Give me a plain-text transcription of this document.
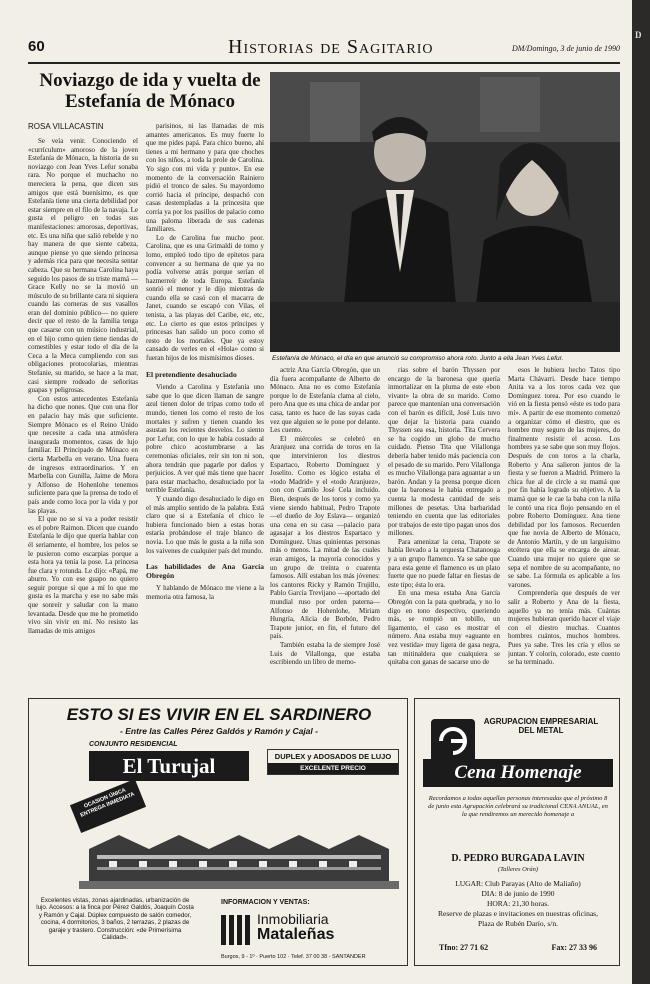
D
60	Historias de Sagitario	DM/Domingo, 3 de junio de 1990
Noviazgo de ida y vuelta de Estefanía de Mónaco
ROSA VILLACASTIN

Se veía venir. Conociendo el «currículum» amoroso de la joven Estefanía de Mónaco, la historia de su noviazgo con Jean Yves Lefur sonaba rara. No porque el muchacho no mereciera la pena, que dicen sus amigos que está buenísimo, es que Estefanía tiene una cierta debilidad por estar siempre en el filo de la navaja. Le gusta el peligro en todas sus manifestaciones: amorosas, deportivas, etc. Es una niña que salió rebelde y no hay manera de que siente cabeza, aunque piense yo que siendo princesa y además rica para que necesita sentar cabeza. Que su hermana Carolina haya seguido los pasos de su triste mamá —Grace Kelly no se la movió un músculo de su brillante cara ni siquiera cuando las corneras de sus vasallos eran del dominio público— no quiere decir que el resto de la familia tenga que casarse con un músico industrial, en el hijo como quien tiene tiendas de comestibles y estar todo el día de la Ceca a la Meca cumpliendo con sus obligaciones protocolarias, mientras Stefanie, su marido, se hace a la mar, casi siempre rodeado de señoritas guapas y peligrosas.

Con estos antecedentes Estefanía ha dicho que nones. Que con una flor en palacio hay más que suficiente. Siempre Mónaco es el Reino Unido que necesite a cada una atmósfera inaugurada momentos, casas de lujo familiar. El Principado de Mónaco en cierta Marbella en verano. Una fuera de ingresos extraordinarios. Y en Marbella con Gunilla, Jaime de Mora y Alfonso de Hohenlohe tenemos suficiente para que la prensa de todo el país ande como loca por la vida y por las playas.

El que no se si va a poder resistir es el pobre Raimon. Dicen que cuando Estefanía le dijo que quería hablar con él seriamente, el hombre, los pelos se le pusieron como escarpias porque a esta hora ya tenía la pose. La princesa fue clara y rotunda. Le dijo: «Papá, me aburro. Yo con ese guapo no quiero seguir porque sí que a mí lo que me gusta es la marcha y ese no sabe más que sonreír y saludar con la mano levantada. Desde que me he prometido vivo sin vivir en mí. No resisto las llamadas de mis amigos

parisinos, ni las llamadas de mis amantes americanos. Es muy fuerte lo que me pides papá. Para chico bueno, ahí tienes a mi hermano y para que choches con los niños, a toda la prole de Carolina. Yo sigo con mi vida y punto». En ese momento de la conversación Rainiero pidió el tronco de sales. Su mayordomo corrió hacia el príncipe, despachó con casas destempladas a la princesita que corría ya por los pasillos de palacio como una paloma liberada de sus cadenas familiares.

Lo de Carolina fue mucho peor. Carolina, que es una Grimaldi de tomo y lomo, empleó todo tipo de epítetos para convencer a su hermana de que ya no podía volverse atrás porque serían el hazmerreír de toda Europa. Estefanía sonrió el menor y le dijo mientras de cuando ella se casó con el macarra de Janet, cuando se escapó con Vilas, el tenista, a las playas del Caribe, etc, etc, etc. Lo cierto es que estos príncipes y princesas han salido un poco como el resto de los mortales. Que ya estoy cansado de verles en el «Hola» como si fueran hijos de los mismísimos dioses.

El pretendiente desahuciado

Viendo a Carolina y Estefanía uno sabe que lo que dicen llaman de sangre azul tienen dolor de tripas como todo el mundo, tienen los como el resto de los mortales y sufren y tienen cuando les asustan los recientes desvelos. Lo siento por Lefur, con lo que le había costado al pobre chico acostumbrarse a las ceremonias oficiales, reír sin ton ni son, ahora tendrán que pagarle por daños y perjuicios. A ver qué más tiene que hacer para estar machacho, desahuciado por la terrible Estefanía.

Y cuando digo desahuciado le digo en el más amplio sentido de la palabra. Está claro que si a Estefanía el chico le hubiera funcionado bien a estas horas estaría probándose el traje blanco de novia. Lo que más le gusta a la niña son los vaivenes de cualquier país del mundo.

Las habilidades de Ana García Obregón

Y hablando de Mónaco me viene a la memoria otra famosa, la

Estefanía de Mónaco, el día en que anunció su compromiso ahora roto. Junto a ella Jean Yves Lefur.

actriz Ana García Obregón, que un día fuera acompañante de Alberto de Mónaco. Ana no es como Estefanía porque lo de Estefanía clama al cielo, pero Ana que es una chica de andar por casa, tanto es hace de las suyas cada vez que alguien se le pone por delante. Les cuento.

El miércoles se celebró en Aranjuez una corrida de toros en la que intervinieron los diestros Espartaco, Roberto Domínguez y Joselito. Como es lógico estaba el «todo Madrid» y el «todo Aranjuez», con con Camilo José Cela incluido. Bien, después de los toros y como ya viene siendo habitual, Pedro Trapote —el dueño de Joy Eslava— organizó una cena en su casa —palacio para agasajar a los diestros Espartaco y Domínguez. Unas quinientas personas más o menos. La mitad de las cuales eran amigos, la mayoría conocidos y un grupo de treinta o cuarenta famosos. Allí estaban los más jóvenes: los cantores Ricky y Ramón Trujillo, Pablo García Trevijano —aportado del mundial ruso por orden paterna— Alfonso de Hohenlohe, Miriam Hungría, Alicia de Borbón, Pedro Trapote junior, en fin, el futuro del país.

También estaba la de siempre José Luis de Vilallonga, que estaba escribiendo un libro de memo-

rias sobre el barón Thyssen por encargo de la baronesa que quería inmortalizar en la pluma de este «bon vivant» la obra de su marido. Como parece que mantenían una conversación con el barón es difícil, José Luis tuvo que dejar la historia para cuando Thyssen sea esa, historia. Tita Cervera se ha cogido un globo de mucho cuidado. Pienso Tita que Vilallonga debería haber tenido más paciencia con el pesado de su marido. Pero Vilallonga es mucho Vilallonga para aguantar a un barón. Andan y la prensa porque dicen que la baronesa le había entregado a cuenta la modesta cantidad de seis millones de pesetas. Una barbaridad teniendo en cuenta que las editoriales por trabajos de este tipo pagan unos dos millones.

Para amenizar la cena, Trapote se había llevado a la orquesta Chatanooga y a un grupo flamenco. Ya se sabe que para esta gente el flamenco es un plato fuerte que no puede faltar en fiestas de este tipo; ésta lo era.

En una mesa estaba Ana García Obregón con la pata quebrada, y no lo digo en tono despectivo, queriendo más, se rompió un tobillo, un ligamento, el caso es mostrar el número. Ana estaba muy «aguante en vez vestida» muy ligera de gasa negra, tan mitinaldera que cualquiera se quitaba con ganas de sacarse uno de

esos le hubiera hecho Tatos tipo Marta Chávarri. Desde hace tiempo Anita va a los toros cada vez que Domínguez torea. Por eso cuando le vió en la fiesta pensó «éste es todo para mí». A partir de ese momento comenzó a organizar cómo el diestro, que es hombre muy seguro de las mujeres, do finalmente resistir el acoso. Los hombres ya se sabe que son muy flojos. Después de con toros a la charla, Roberto y Ana salieron juntos de la fiesta y se fueron a Madrid. Primero la chica fue al de circle a su mamá que por fin había logrado su objetivo. A la mamá que se le cae la baba con la niña le contó una rica flojo pensando en el pobre Roberto Domínguez. Ana tiene debilidad por los famosos. Recuerden que fue novia de Alberto de Mónaco, de Antonio Martín, y de un larguísimo etcétera que ella se encarga de airear. Cuando una mujer no quiere que se sepa el nombre de su acompañante, no se sabe. La fórmula es aplicable a los varones.

Comprendería que después de ver salir a Roberto y Ana de la fiesta, aquello ya no tenía más. Cuántas mujeres hubieran querido hacer el viaje con el diestro muchas. Cuantos hombres cuántos, muchos hombres. Pues ya sabe. Tres les cría y ellos se juntan. Y colorín, colorado, este cuento se ha terminado.

ESTO SI ES VIVIR EN EL SARDINERO
- Entre las Calles Pérez Galdós y Ramón y Cajal -
CONJUNTO RESIDENCIAL
El Turujal	DUPLEX y ADOSADOS DE LUJO
EXCELENTE PRECIO
OCASION ÚNICA ENTREGA INMEDIATA
Excelentes vistas, zonas ajardinadas, urbanización de lujo. Accesos: a la finca por Pérez Galdós, Joaquín Costa y Ramón y Cajal. Dúplex compuesto de salón comedor, cocina, 4 dormitorios, 3 baños, 2 terrazas, 2 plazas de garaje y trastero. Construcción: «de Primerísima Calidad».
INFORMACION Y VENTAS:
Inmobiliaria
Mataleñas
Burgos, 9 - 1º · Puerto 102 · Telef. 37 00 38 - SANTANDER
AGRUPACION EMPRESARIAL DEL METAL
Cena Homenaje
Recordamos a todas aquellas personas interesadas que el próximo 8 de junio esta Agrupación celebrará su tradicional CENA ANUAL, en la que rendiremos un merecido homenaje a
D. PEDRO BURGADA LAVIN
(Talleres Orán)
LUGAR: Club Parayas (Alto de Maliaño)
DIA: 8 de junio de 1990
HORA: 21,30 horas.
Reserve de plazas e invitaciones en nuestras oficinas,
Plaza de Rubén Darío, s/n.
Tfno: 27 71 62	Fax: 27 33 96
